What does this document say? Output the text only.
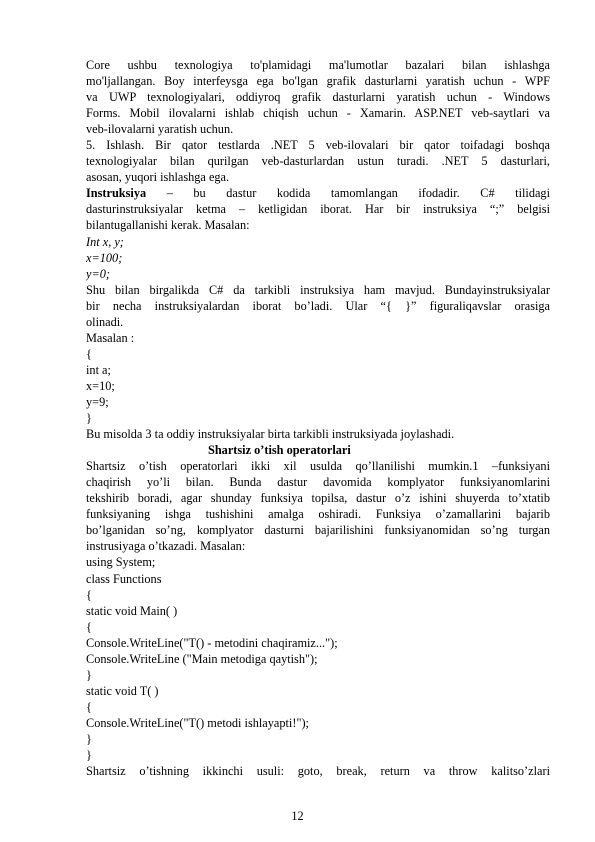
Core ushbu texnologiya to'plamidagi ma'lumotlar bazalari bilan ishlashga
mo'ljallangan. Boy interfeysga ega bo'lgan grafik dasturlarni yaratish uchun - WPF
va UWP texnologiyalari, oddiyroq grafik dasturlarni yaratish uchun - Windows
Forms. Mobil ilovalarni ishlab chiqish uchun - Xamarin. ASP.NET veb-saytlari va
veb-ilovalarni yaratish uchun.
5. Ishlash. Bir qator testlarda .NET 5 veb-ilovalari bir qator toifadagi boshqa
texnologiyalar bilan qurilgan veb-dasturlardan ustun turadi. .NET 5 dasturlari,
asosan, yuqori ishlashga ega.
Instruksiya – bu dastur kodida tamomlangan ifodadir. C# tilidagi
dasturinstruksiyalar ketma – ketligidan iborat. Har bir instruksiya “;” belgisi
bilantugallanishi kerak. Masalan:
Int x, y;
x=100;
y=0;
Shu bilan birgalikda C# da tarkibli instruksiya ham mavjud. Bundayinstruksiyalar
bir necha instruksiyalardan iborat bo’ladi. Ular “{ }” figuraliqavslar orasiga
olinadi.
Masalan :
{
int a;
x=10;
y=9;
}
Bu misolda 3 ta oddiy instruksiyalar birta tarkibli instruksiyada joylashadi.
Shartsiz o’tish operatorlari
Shartsiz o’tish operatorlari ikki xil usulda qo’llanilishi mumkin.1 –funksiyani
chaqirish yo’li bilan. Bunda dastur davomida komplyator funksiyanomlarini
tekshirib boradi, agar shunday funksiya topilsa, dastur o’z ishini shuyerda to’xtatib
funksiyaning ishga tushishini amalga oshiradi. Funksiya o’zamallarini bajarib
bo’lganidan so’ng, komplyator dasturni bajarilishini funksiyanomidan so’ng turgan
instrusiyaga o’tkazadi. Masalan:
using System;
class Functions
{
static void Main( )
{
Console.WriteLine("T() - metodini chaqiramiz...");
Console.WriteLine ("Main metodiga qaytish");
}
static void T( )
{
Console.WriteLine("T() metodi ishlayapti!");
}
}
Shartsiz o’tishning ikkinchi usuli: goto, break, return va throw kalitso’zlari
12
